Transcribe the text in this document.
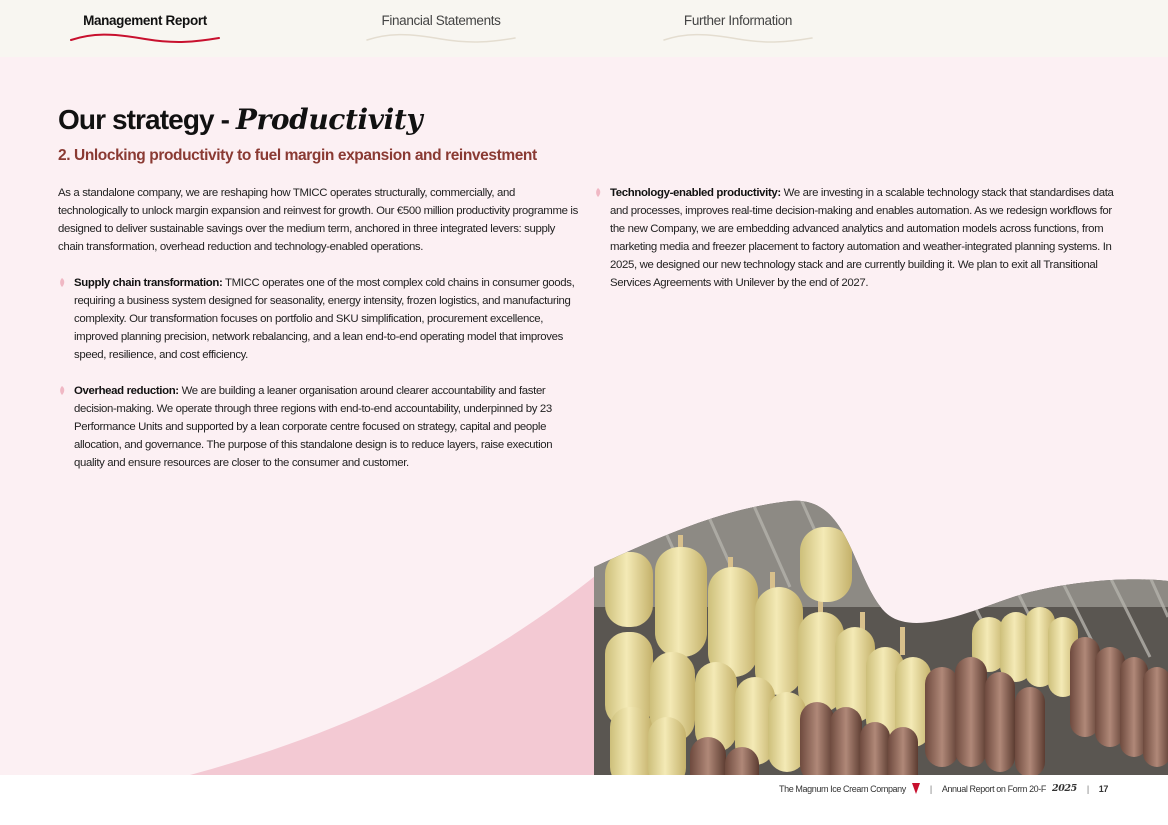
Management Report	Financial Statements	Further Information
Our strategy - Productivity
2. Unlocking productivity to fuel margin expansion and reinvestment

As a standalone company, we are reshaping how TMICC operates structurally, commercially, and technologically to unlock margin expansion and reinvest for growth. Our €500 million productivity programme is designed to deliver sustainable savings over the medium term, anchored in three integrated levers: supply chain transformation, overhead reduction and technology-enabled operations.

Supply chain transformation: TMICC operates one of the most complex cold chains in consumer goods, requiring a business system designed for seasonality, energy intensity, frozen logistics, and manufacturing complexity. Our transformation focuses on portfolio and SKU simplification, procurement excellence, improved planning precision, network rebalancing, and a lean end-to-end operating model that improves speed, resilience, and cost efficiency.
Overhead reduction: We are building a leaner organisation around clearer accountability and faster decision-making. We operate through three regions with end-to-end accountability, underpinned by 23 Performance Units and supported by a lean corporate centre focused on strategy, capital and people allocation, and governance. The purpose of this standalone design is to reduce layers, raise execution quality and ensure resources are closer to the consumer and customer.
Technology-enabled productivity: We are investing in a scalable technology stack that standardises data and processes, improves real-time decision-making and enables automation. As we redesign workflows for the new Company, we are embedding advanced analytics and automation models across functions, from marketing media and freezer placement to factory automation and weather-integrated planning systems. In 2025, we designed our new technology stack and are currently building it. We plan to exit all Transitional Services Agreements with Unilever by the end of 2027.
The Magnum Ice Cream Company	| Annual Report on Form 20-F 2025 | 17
